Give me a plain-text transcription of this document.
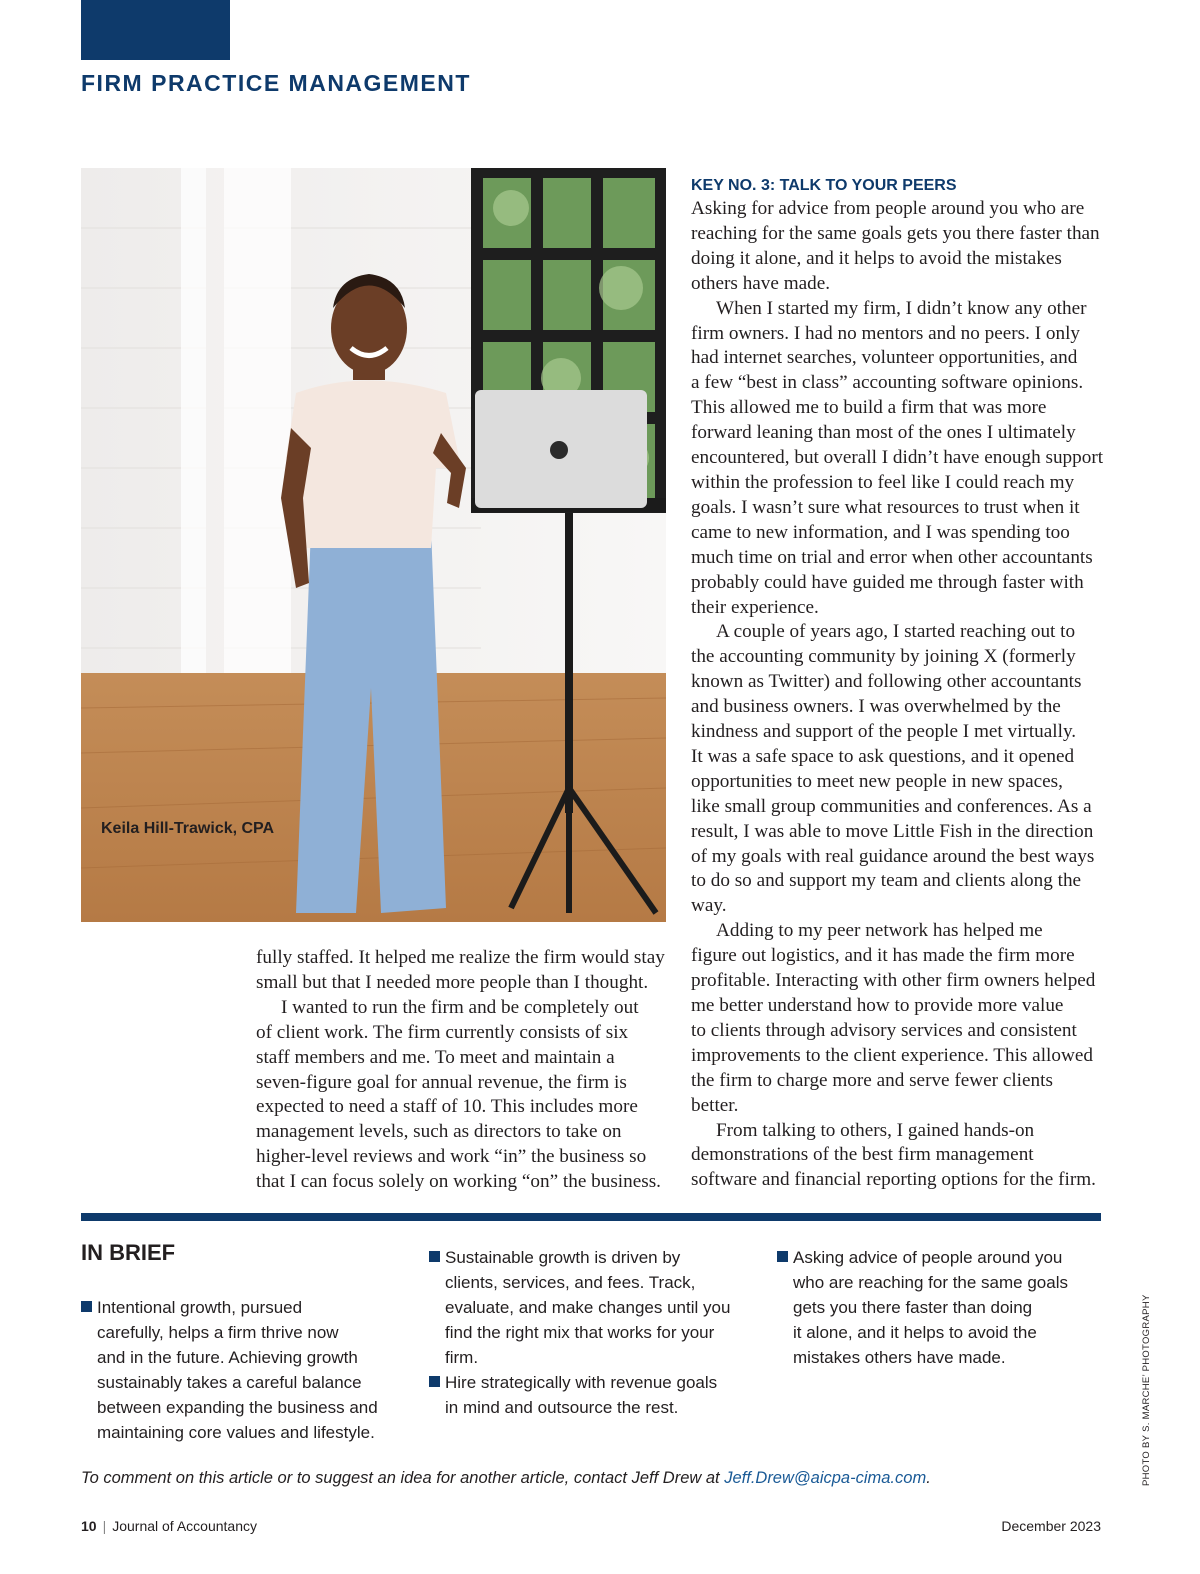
FIRM PRACTICE MANAGEMENT
Keila Hill-Trawick, CPA

fully staffed. It helped me realize the firm would stay
small but that I needed more people than I thought.

I wanted to run the firm and be completely out
of client work. The firm currently consists of six
staff members and me. To meet and maintain a
seven-figure goal for annual revenue, the firm is
expected to need a staff of 10. This includes more
management levels, such as directors to take on
higher-level reviews and work “in” the business so
that I can focus solely on working “on” the business.

KEY NO. 3: TALK TO YOUR PEERS

Asking for advice from people around you who are
reaching for the same goals gets you there faster than
doing it alone, and it helps to avoid the mistakes
others have made.

When I started my firm, I didn’t know any other
firm owners. I had no mentors and no peers. I only
had internet searches, volunteer opportunities, and
a few “best in class” accounting software opinions.
This allowed me to build a firm that was more
forward leaning than most of the ones I ultimately
encountered, but overall I didn’t have enough support
within the profession to feel like I could reach my
goals. I wasn’t sure what resources to trust when it
came to new information, and I was spending too
much time on trial and error when other accountants
probably could have guided me through faster with
their experience.

A couple of years ago, I started reaching out to
the accounting community by joining X (formerly
known as Twitter) and following other accountants
and business owners. I was overwhelmed by the
kindness and support of the people I met virtually.
It was a safe space to ask questions, and it opened
opportunities to meet new people in new spaces,
like small group communities and conferences. As a
result, I was able to move Little Fish in the direction
of my goals with real guidance around the best ways
to do so and support my team and clients along the
way.

Adding to my peer network has helped me
figure out logistics, and it has made the firm more
profitable. Interacting with other firm owners helped
me better understand how to provide more value
to clients through advisory services and consistent
improvements to the client experience. This allowed
the firm to charge more and serve fewer clients
better.

From talking to others, I gained hands-on
demonstrations of the best firm management
software and financial reporting options for the firm.

IN BRIEF
Intentional growth, pursued
carefully, helps a firm thrive now
and in the future. Achieving growth
sustainably takes a careful balance
between expanding the business and
maintaining core values and lifestyle.
Sustainable growth is driven by
clients, services, and fees. Track,
evaluate, and make changes until you
find the right mix that works for your
firm.
Hire strategically with revenue goals
in mind and outsource the rest.
Asking advice of people around you
who are reaching for the same goals
gets you there faster than doing
it alone, and it helps to avoid the
mistakes others have made.

To comment on this article or to suggest an idea for another article, contact Jeff Drew at Jeff.Drew@aicpa-cima.com.	PHOTO BY S. MARCHE’ PHOTOGRAPHY
10 | Journal of Accountancy	December 2023
